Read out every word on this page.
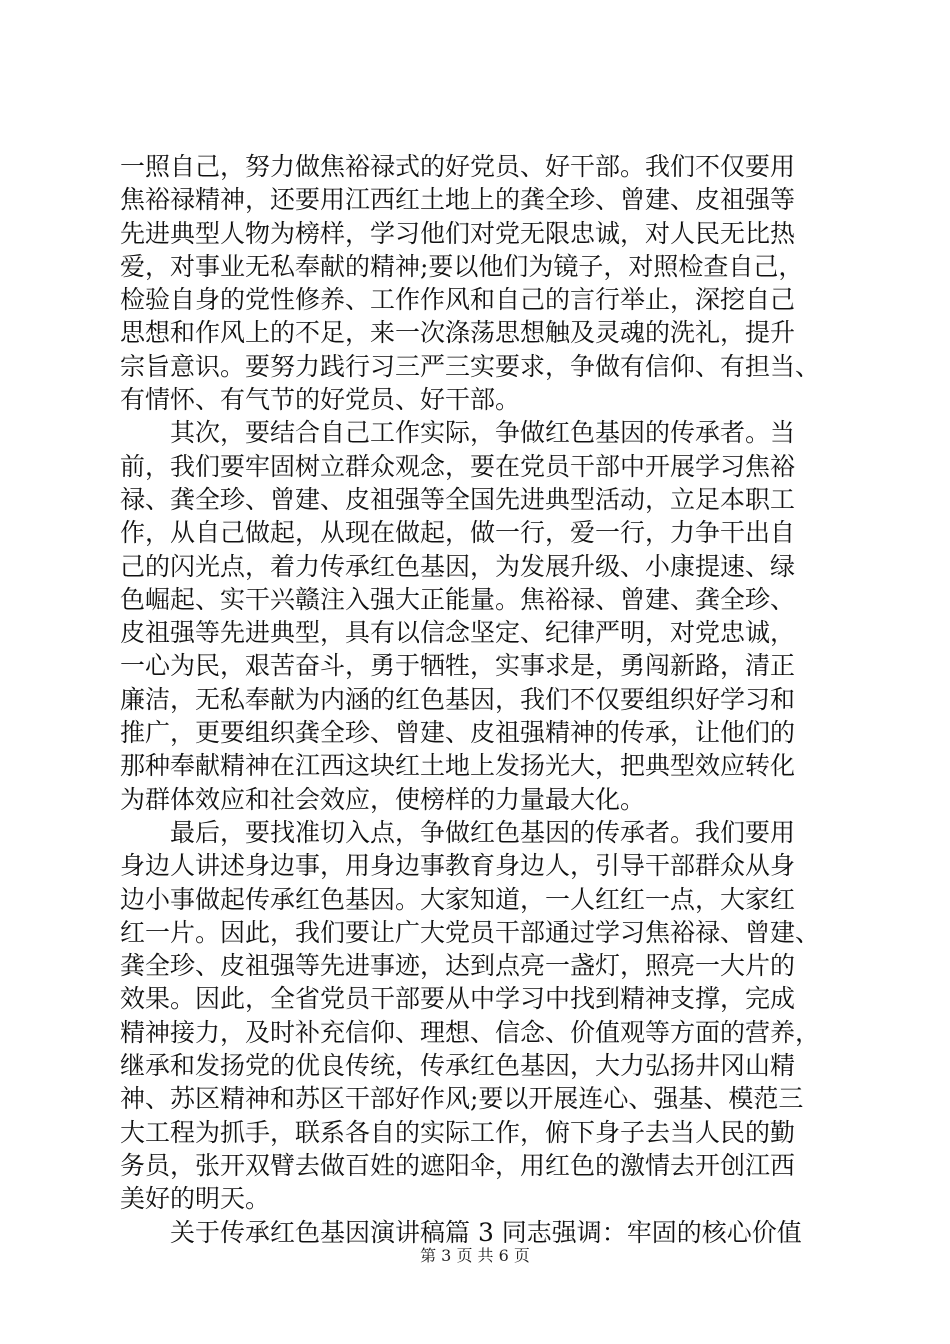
一照自己，努力做焦裕禄式的好党员、好干部。我们不仅要用
焦裕禄精神，还要用江西红土地上的龚全珍、曾建、皮祖强等
先进典型人物为榜样，学习他们对党无限忠诚，对人民无比热
爱，对事业无私奉献的精神;要以他们为镜子，对照检查自己，
检验自身的党性修养、工作作风和自己的言行举止，深挖自己
思想和作风上的不足，来一次涤荡思想触及灵魂的洗礼，提升
宗旨意识。要努力践行习三严三实要求，争做有信仰、有担当、
有情怀、有气节的好党员、好干部。
　　其次，要结合自己工作实际，争做红色基因的传承者。当
前，我们要牢固树立群众观念，要在党员干部中开展学习焦裕
禄、龚全珍、曾建、皮祖强等全国先进典型活动，立足本职工
作，从自己做起，从现在做起，做一行，爱一行，力争干出自
己的闪光点，着力传承红色基因，为发展升级、小康提速、绿
色崛起、实干兴赣注入强大正能量。焦裕禄、曾建、龚全珍、
皮祖强等先进典型，具有以信念坚定、纪律严明，对党忠诚，
一心为民，艰苦奋斗，勇于牺牲，实事求是，勇闯新路，清正
廉洁，无私奉献为内涵的红色基因，我们不仅要组织好学习和
推广，更要组织龚全珍、曾建、皮祖强精神的传承，让他们的
那种奉献精神在江西这块红土地上发扬光大，把典型效应转化
为群体效应和社会效应，使榜样的力量最大化。
　　最后，要找准切入点，争做红色基因的传承者。我们要用
身边人讲述身边事，用身边事教育身边人，引导干部群众从身
边小事做起传承红色基因。大家知道，一人红红一点，大家红
红一片。因此，我们要让广大党员干部通过学习焦裕禄、曾建、
龚全珍、皮祖强等先进事迹，达到点亮一盏灯，照亮一大片的
效果。因此，全省党员干部要从中学习中找到精神支撑，完成
精神接力，及时补充信仰、理想、信念、价值观等方面的营养，
继承和发扬党的优良传统，传承红色基因，大力弘扬井冈山精
神、苏区精神和苏区干部好作风;要以开展连心、强基、模范三
大工程为抓手，联系各自的实际工作，俯下身子去当人民的勤
务员，张开双臂去做百姓的遮阳伞，用红色的激情去开创江西
美好的明天。
　　关于传承红色基因演讲稿篇 3 同志强调：牢固的核心价值
第 3 页 共 6 页
